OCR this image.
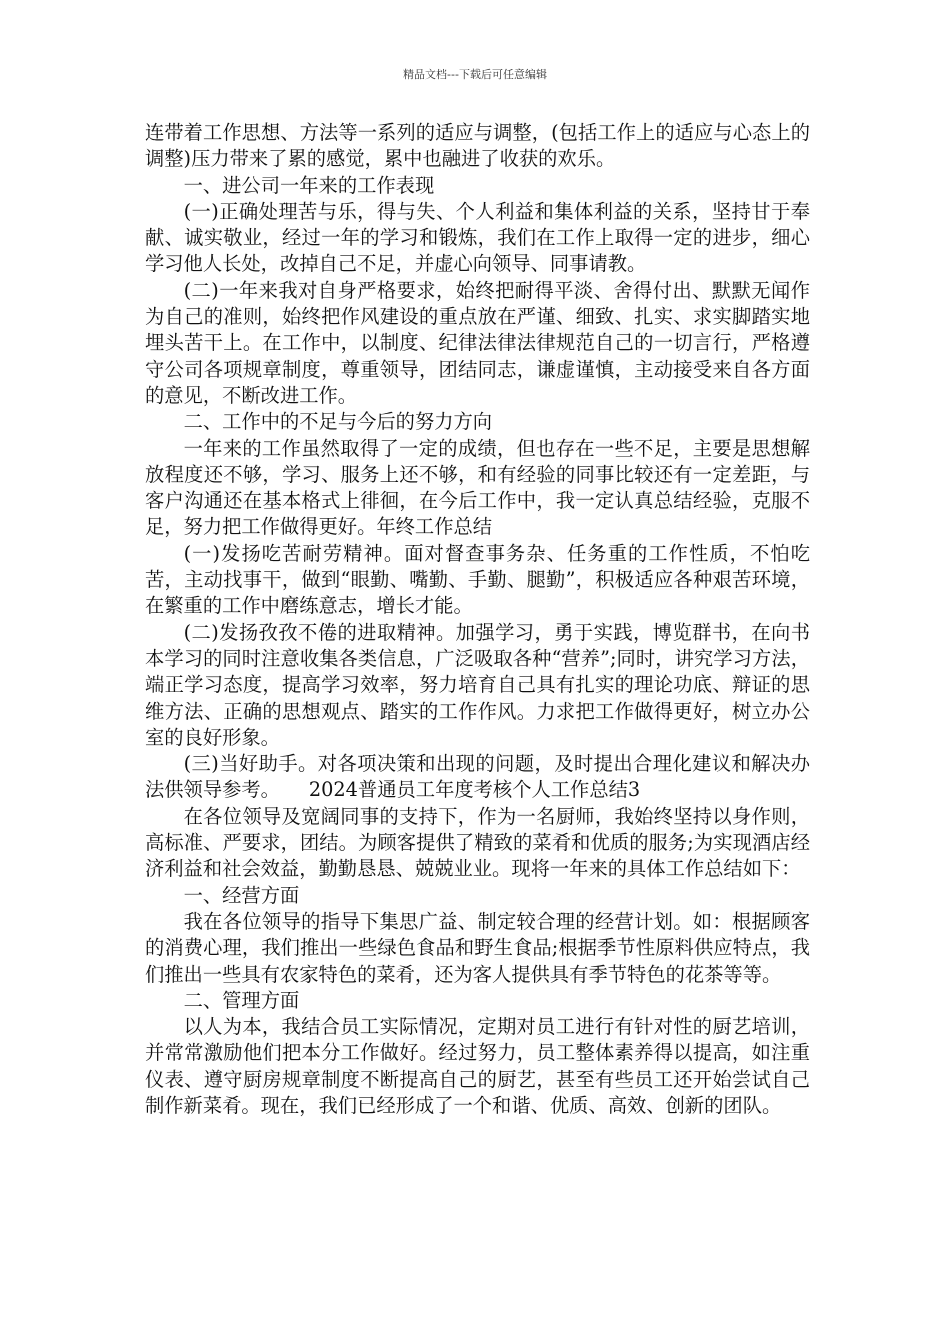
精品文档---下载后可任意编辑

连带着工作思想、方法等一系列的适应与调整，(包括工作上的适应与心态上的调整)压力带来了累的感觉，累中也融进了收获的欢乐。

一、进公司一年来的工作表现

(一)正确处理苦与乐，得与失、个人利益和集体利益的关系，坚持甘于奉献、诚实敬业，经过一年的学习和锻炼，我们在工作上取得一定的进步，细心学习他人长处，改掉自己不足，并虚心向领导、同事请教。

(二)一年来我对自身严格要求，始终把耐得平淡、舍得付出、默默无闻作为自己的准则，始终把作风建设的重点放在严谨、细致、扎实、求实脚踏实地埋头苦干上。在工作中，以制度、纪律法律法律规范自己的一切言行，严格遵守公司各项规章制度，尊重领导，团结同志，谦虚谨慎，主动接受来自各方面的意见，不断改进工作。

二、工作中的不足与今后的努力方向

一年来的工作虽然取得了一定的成绩，但也存在一些不足，主要是思想解放程度还不够，学习、服务上还不够，和有经验的同事比较还有一定差距，与客户沟通还在基本格式上徘徊，在今后工作中，我一定认真总结经验，克服不足，努力把工作做得更好。年终工作总结

(一)发扬吃苦耐劳精神。面对督查事务杂、任务重的工作性质，不怕吃苦，主动找事干，做到“眼勤、嘴勤、手勤、腿勤”，积极适应各种艰苦环境，在繁重的工作中磨练意志，增长才能。

(二)发扬孜孜不倦的进取精神。加强学习，勇于实践，博览群书，在向书本学习的同时注意收集各类信息，广泛吸取各种“营养”;同时，讲究学习方法，端正学习态度，提高学习效率，努力培育自己具有扎实的理论功底、辩证的思维方法、正确的思想观点、踏实的工作作风。力求把工作做得更好，树立办公室的良好形象。

(三)当好助手。对各项决策和出现的问题，及时提出合理化建议和解决办法供领导参考。　　2024普通员工年度考核个人工作总结3

在各位领导及宽阔同事的支持下，作为一名厨师，我始终坚持以身作则，高标准、严要求，团结。为顾客提供了精致的菜肴和优质的服务;为实现酒店经济利益和社会效益，勤勤恳恳、兢兢业业。现将一年来的具体工作总结如下：

一、经营方面

我在各位领导的指导下集思广益、制定较合理的经营计划。如：根据顾客的消费心理，我们推出一些绿色食品和野生食品;根据季节性原料供应特点，我们推出一些具有农家特色的菜肴，还为客人提供具有季节特色的花茶等等。

二、管理方面

以人为本，我结合员工实际情况，定期对员工进行有针对性的厨艺培训，并常常激励他们把本分工作做好。经过努力，员工整体素养得以提高，如注重仪表、遵守厨房规章制度不断提高自己的厨艺，甚至有些员工还开始尝试自己制作新菜肴。现在，我们已经形成了一个和谐、优质、高效、创新的团队。
